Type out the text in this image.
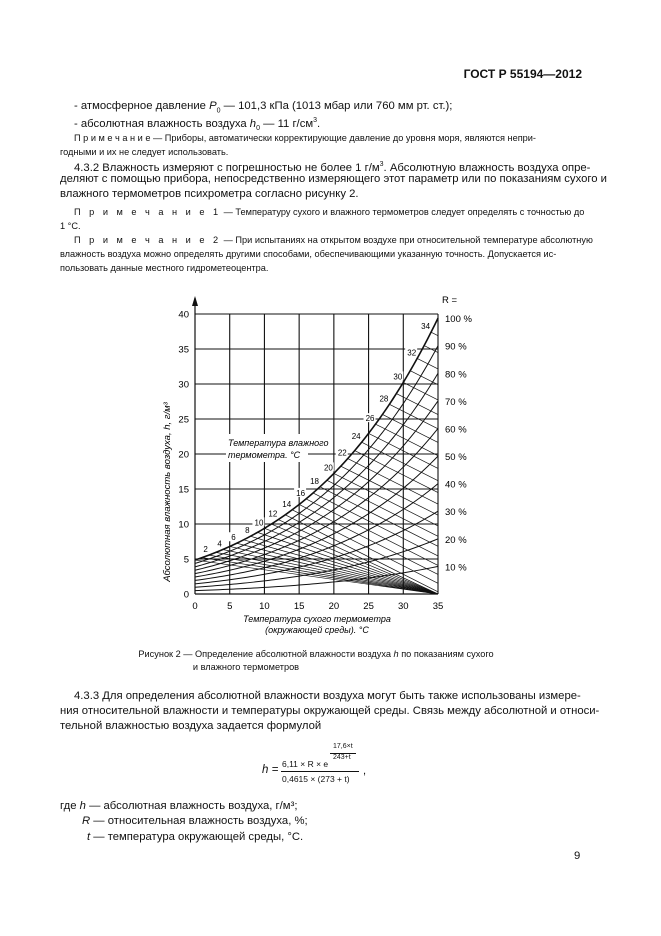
ГОСТ Р 55194—2012
- атмосферное давление $P_0$ — 101,3 кПа (1013 мбар или 760 мм рт. ст.);
- абсолютная влажность воздуха $h_0$ — 11 $г/см^3$.
П р и м е ч а н и е — Приборы, автоматически корректирующие давление до уровня моря, являются непри-
годными и их не следует использовать.
4.3.2 Влажность измеряют с погрешностью не более 1 $г/м^3$. Абсолютную влажность воздуха опре-
деляют с помощью прибора, непосредственно измеряющего этот параметр или по показаниям сухого и
влажного термометров психрометра согласно рисунку 2.
П р и м е ч а н и е 1 — Температуру сухого и влажного термометров следует определять с точностью до
1 °С.
П р и м е ч а н и е 2 — При испытаниях на открытом воздухе при относительной температуре абсолютную
влажность воздуха можно определять другими способами, обеспечивающими указанную точность. Допускается ис-
пользовать данные местного гидрометеоцентра.
Абсолютная влажность воздуха, h, г/м³
0	5	10	15	20	25	30	35
0
5
10
15
20
25
30
35
40
10 %
20 %
30 %
40 %
50 %
60 %
70 %
80 %
90 %
100 %
2
4
6
8
10
12
14
16
18
20
22
24
26
28
30
32
34
Температура влажного
термометра. °С
R =
Температура сухого термометра
(окружающей среды). °С
Рисунок 2 — Определение абсолютной влажности воздуха h по показаниям сухого
и влажного термометров
4.3.3 Для определения абсолютной влажности воздуха могут быть также использованы измере-
ния относительной влажности и температуры окружающей среды. Связь между абсолютной и относи-
тельной влажностью воздуха задается формулой
h =
17,6×t
243+t
6,11 × R × e
0,4615 × (273 + t)
,
где h — абсолютная влажность воздуха, г/м³;
R — относительная влажность воздуха, %;
t — температура окружающей среды, °С.
9
